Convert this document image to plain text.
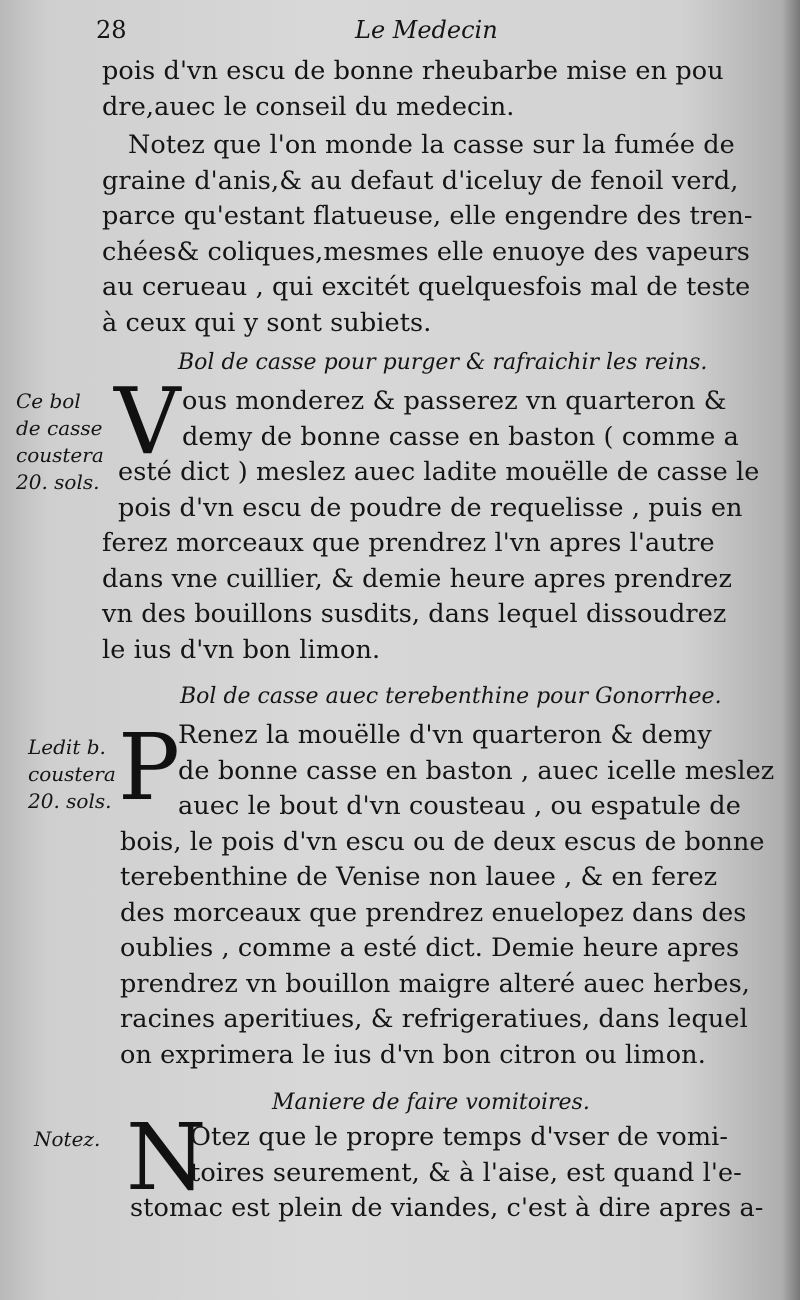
28	Le Medecin
pois d'vn escu de bonne rheubarbe mise en pou
dre,auec le conseil du medecin.
Notez que l'on monde la casse sur la fumée de
graine d'anis,& au defaut d'iceluy de fenoil verd,
parce qu'estant flatueuse, elle engendre des tren-
chées& coliques,mesmes elle enuoye des vapeurs
au cerueau , qui excitét quelquesfois mal de teste
à ceux qui y sont subiets.
Bol de casse pour purger & rafraichir les reins.
Ce bol
de casse
coustera
20. sols.
V ous monderez & passerez vn quarteron &
demy de bonne casse en baston ( comme a
esté dict ) meslez auec ladite mouëlle de casse le
pois d'vn escu de poudre de requelisse , puis en
ferez morceaux que prendrez l'vn apres l'autre
dans vne cuillier, & demie heure apres prendrez
vn des bouillons susdits, dans lequel dissoudrez
le ius d'vn bon limon.
Bol de casse auec terebenthine pour Gonorrhee.
Ledit b.
coustera
20. sols. P
Renez la mouëlle d'vn quarteron & demy
de bonne casse en baston , auec icelle meslez
auec le bout d'vn cousteau , ou espatule de
bois, le pois d'vn escu ou de deux escus de bonne
terebenthine de Venise non lauee , & en ferez
des morceaux que prendrez enuelopez dans des
oublies , comme a esté dict. Demie heure apres
prendrez vn bouillon maigre alteré auec herbes,
racines aperitiues, & refrigeratiues, dans lequel
on exprimera le ius d'vn bon citron ou limon.
Maniere de faire vomitoires.
Notez. N
Otez que le propre temps d'vser de vomi-
toires seurement, & à l'aise, est quand l'e-
stomac est plein de viandes, c'est à dire apres a-
